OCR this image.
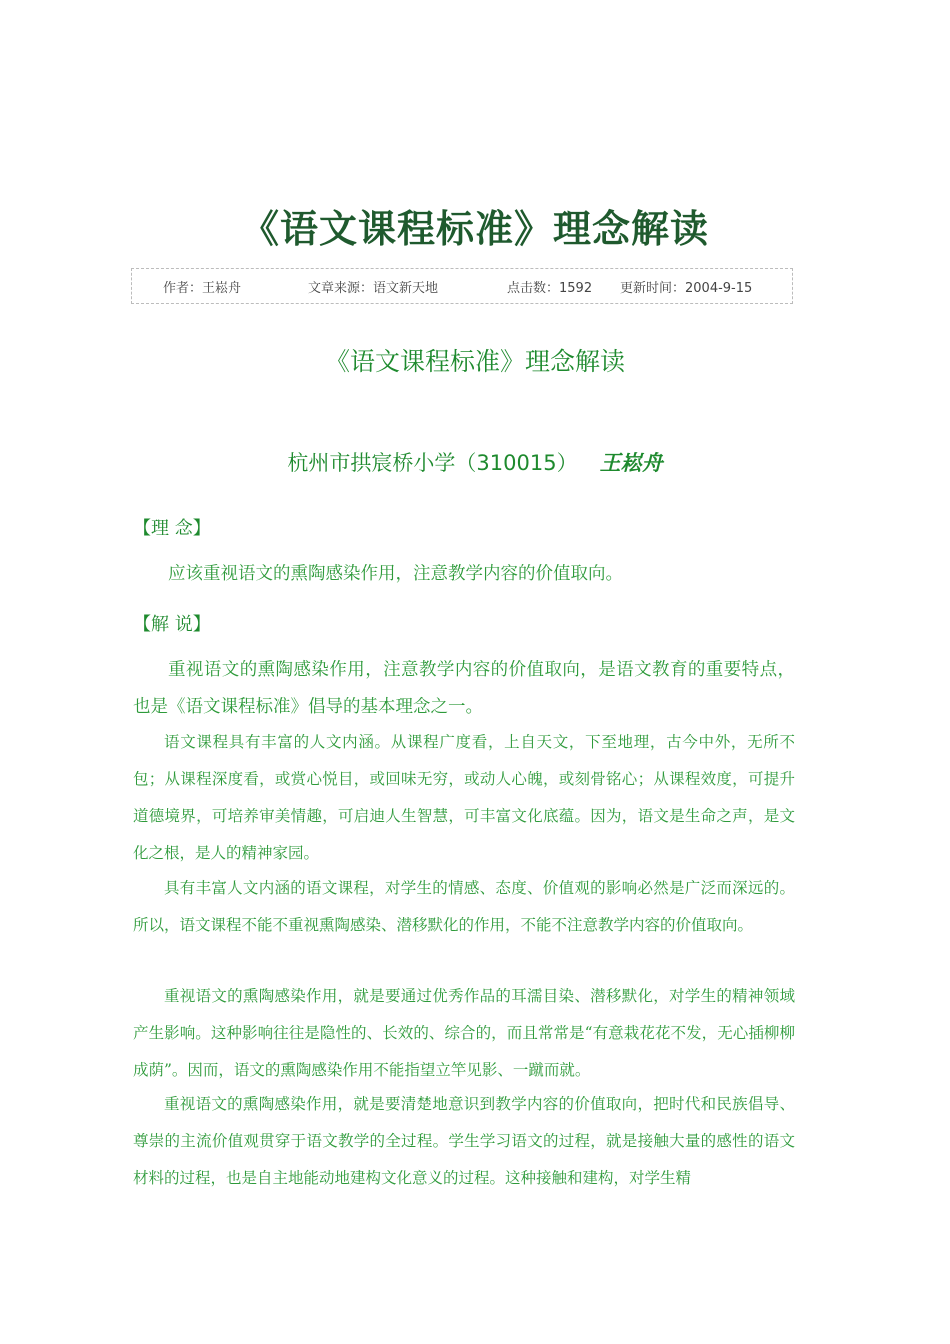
《语文课程标准》理念解读
作者：王崧舟	文章来源：语文新天地	点击数：1592 更新时间：2004-9-15
《语文课程标准》理念解读
杭州市拱宸桥小学（310015） 王崧舟
【理 念】
应该重视语文的熏陶感染作用，注意教学内容的价值取向。
【解 说】
重视语文的熏陶感染作用，注意教学内容的价值取向，是语文教育的重要特点，也是《语文课程标准》倡导的基本理念之一。
语文课程具有丰富的人文内涵。从课程广度看，上自天文，下至地理，古今中外，无所不包；从课程深度看，或赏心悦目，或回味无穷，或动人心魄，或刻骨铭心；从课程效度，可提升道德境界，可培养审美情趣，可启迪人生智慧，可丰富文化底蕴。因为，语文是生命之声，是文化之根，是人的精神家园。
具有丰富人文内涵的语文课程，对学生的情感、态度、价值观的影响必然是广泛而深远的。所以，语文课程不能不重视熏陶感染、潜移默化的作用，不能不注意教学内容的价值取向。
重视语文的熏陶感染作用，就是要通过优秀作品的耳濡目染、潜移默化，对学生的精神领域产生影响。这种影响往往是隐性的、长效的、综合的，而且常常是“有意栽花花不发，无心插柳柳成荫”。因而，语文的熏陶感染作用不能指望立竿见影、一蹴而就。
重视语文的熏陶感染作用，就是要清楚地意识到教学内容的价值取向，把时代和民族倡导、尊崇的主流价值观贯穿于语文教学的全过程。学生学习语文的过程，就是接触大量的感性的语文材料的过程，也是自主地能动地建构文化意义的过程。这种接触和建构，对学生精
